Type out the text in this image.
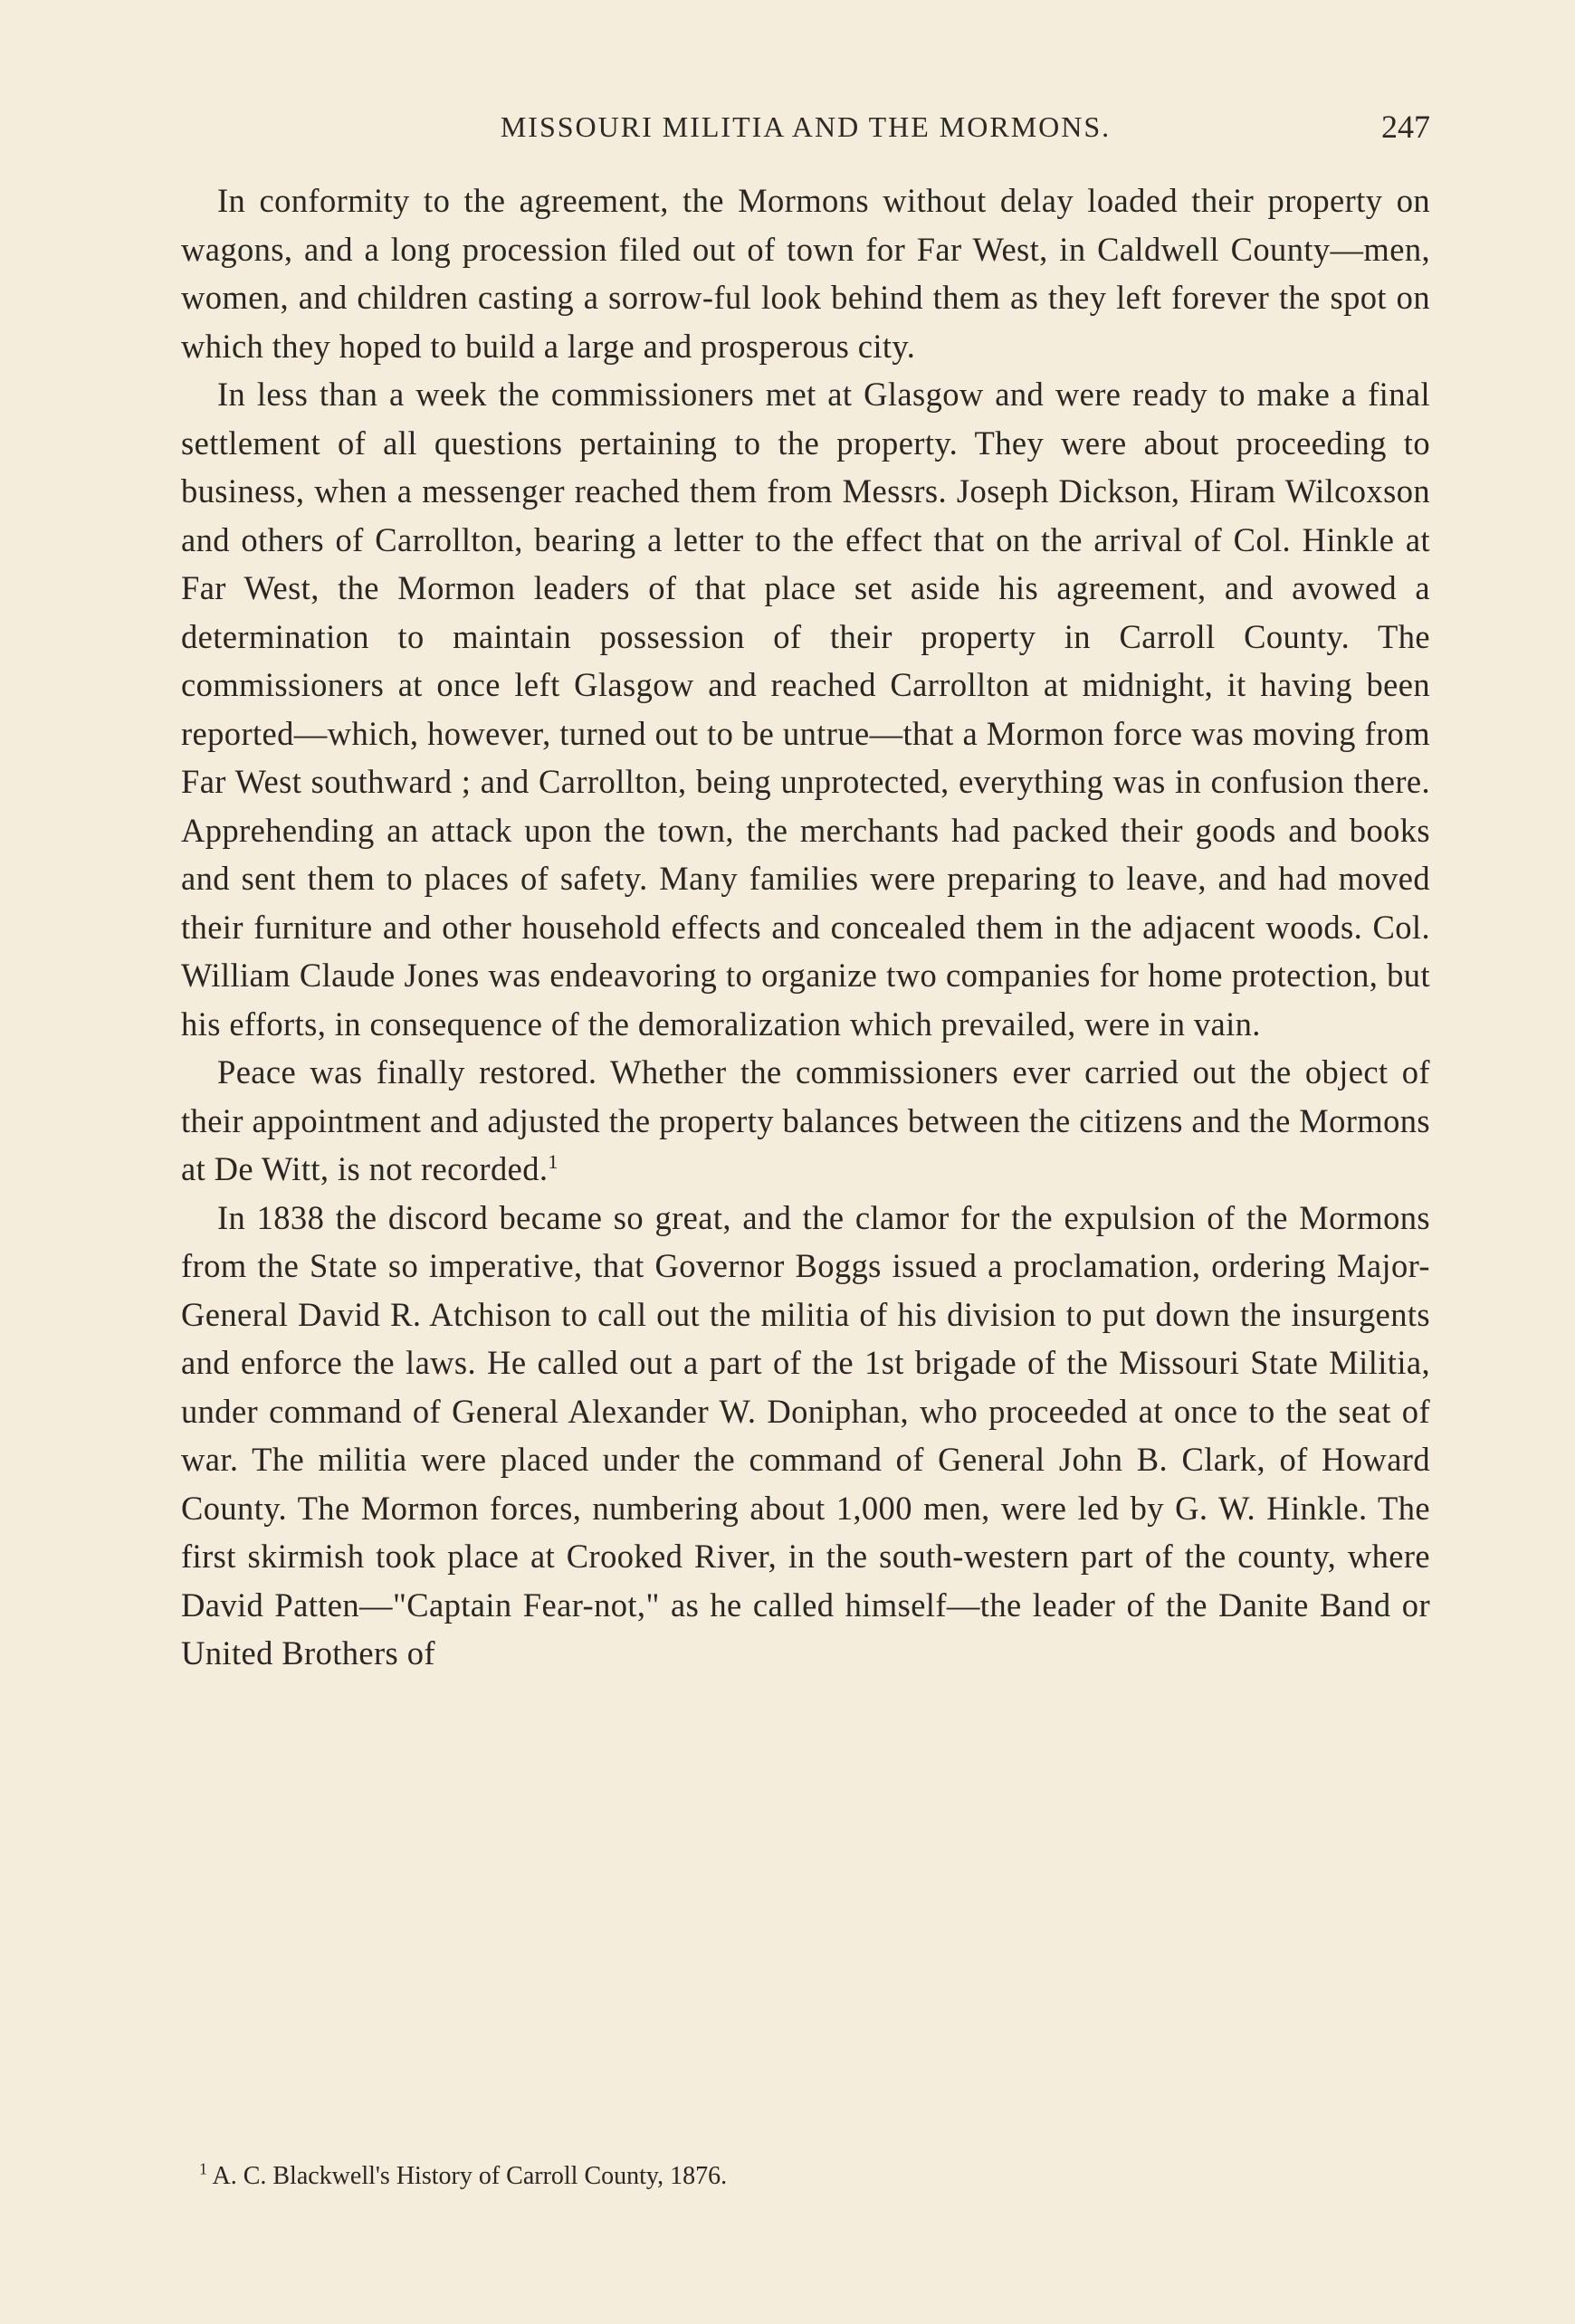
MISSOURI MILITIA AND THE MORMONS.	247

In conformity to the agreement, the Mormons without delay loaded their property on wagons, and a long procession filed out of town for Far West, in Caldwell County—men, women, and children casting a sorrow-ful look behind them as they left forever the spot on which they hoped to build a large and prosperous city.

In less than a week the commissioners met at Glasgow and were ready to make a final settlement of all questions pertaining to the property. They were about proceeding to business, when a messenger reached them from Messrs. Joseph Dickson, Hiram Wilcoxson and others of Carrollton, bearing a letter to the effect that on the arrival of Col. Hinkle at Far West, the Mormon leaders of that place set aside his agreement, and avowed a determination to maintain possession of their property in Carroll County. The commissioners at once left Glasgow and reached Carrollton at midnight, it having been reported—which, however, turned out to be untrue—that a Mormon force was moving from Far West southward ; and Carrollton, being unprotected, everything was in confusion there. Apprehending an attack upon the town, the merchants had packed their goods and books and sent them to places of safety. Many families were preparing to leave, and had moved their furniture and other household effects and concealed them in the adjacent woods. Col. William Claude Jones was endeavoring to organize two companies for home protection, but his efforts, in consequence of the demoralization which prevailed, were in vain.

Peace was finally restored. Whether the commissioners ever carried out the object of their appointment and adjusted the property balances between the citizens and the Mormons at De Witt, is not recorded.$^1$

In 1838 the discord became so great, and the clamor for the expulsion of the Mormons from the State so imperative, that Governor Boggs issued a proclamation, ordering Major-General David R. Atchison to call out the militia of his division to put down the insurgents and enforce the laws. He called out a part of the 1st brigade of the Missouri State Militia, under command of General Alexander W. Doniphan, who proceeded at once to the seat of war. The militia were placed under the command of General John B. Clark, of Howard County. The Mormon forces, numbering about 1,000 men, were led by G. W. Hinkle. The first skirmish took place at Crooked River, in the south-western part of the county, where David Patten—"Captain Fear-not," as he called himself—the leader of the Danite Band or United Brothers of

$^1$ A. C. Blackwell's History of Carroll County, 1876.
